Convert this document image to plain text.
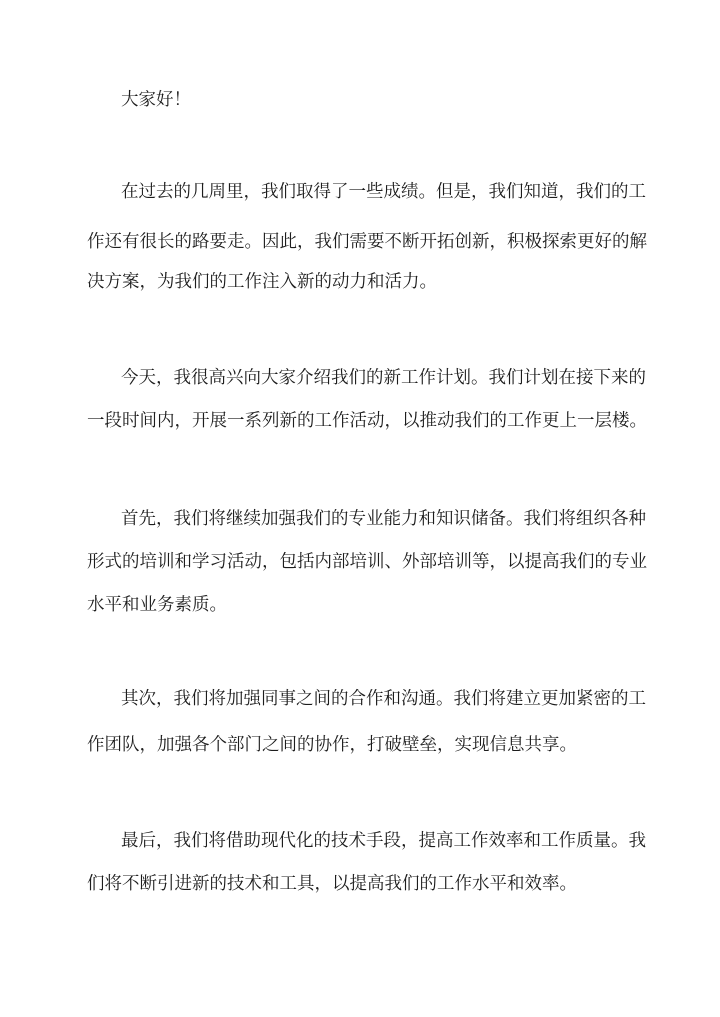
大家好！

在过去的几周里，我们取得了一些成绩。但是，我们知道，我们的工

作还有很长的路要走。因此，我们需要不断开拓创新，积极探索更好的解

决方案，为我们的工作注入新的动力和活力。

今天，我很高兴向大家介绍我们的新工作计划。我们计划在接下来的

一段时间内，开展一系列新的工作活动，以推动我们的工作更上一层楼。

首先，我们将继续加强我们的专业能力和知识储备。我们将组织各种

形式的培训和学习活动，包括内部培训、外部培训等，以提高我们的专业

水平和业务素质。

其次，我们将加强同事之间的合作和沟通。我们将建立更加紧密的工

作团队，加强各个部门之间的协作，打破壁垒，实现信息共享。

最后，我们将借助现代化的技术手段，提高工作效率和工作质量。我

们将不断引进新的技术和工具，以提高我们的工作水平和效率。
